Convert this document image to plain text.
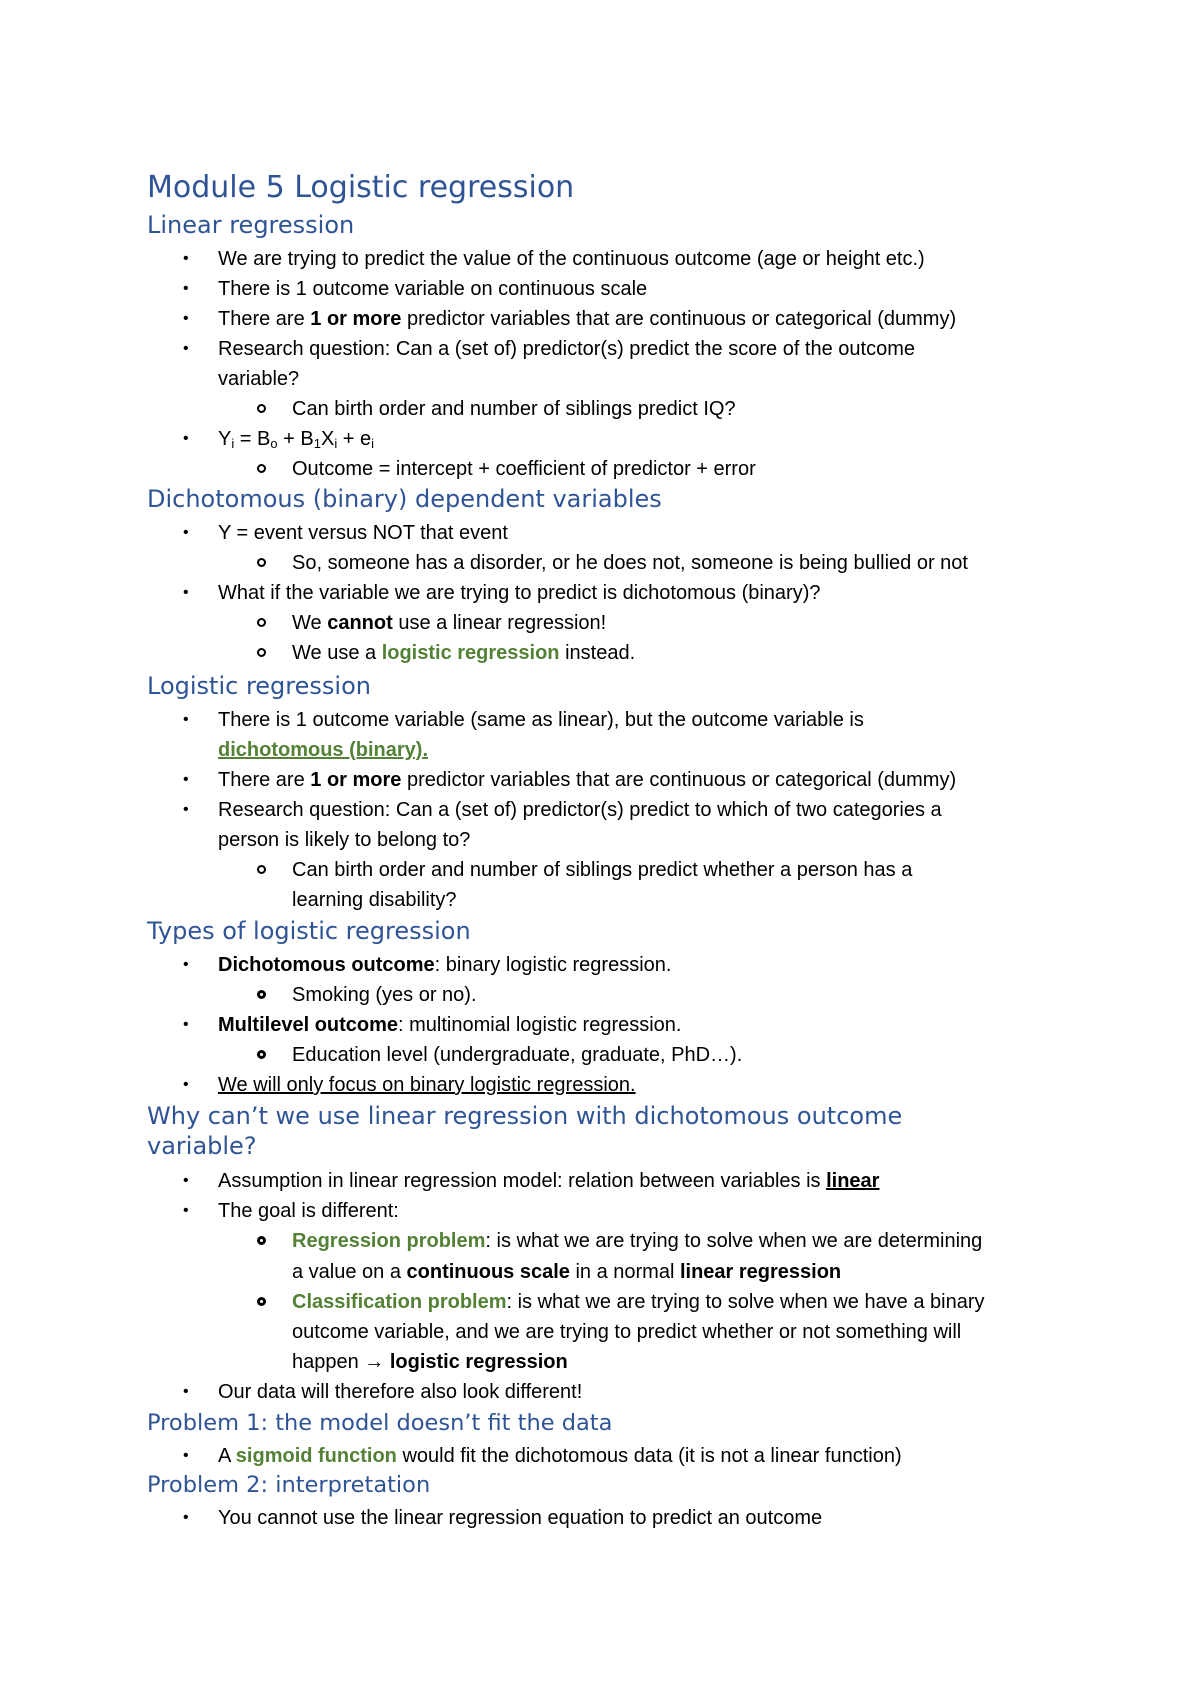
Module 5 Logistic regression
Linear regression
• We are trying to predict the value of the continuous outcome (age or height etc.)
• There is 1 outcome variable on continuous scale
• There are 1 or more predictor variables that are continuous or categorical (dummy)
• Research question: Can a (set of) predictor(s) predict the score of the outcome
variable?
Can birth order and number of siblings predict IQ?
• $Y_i = B_o + B_1X_i + e_i$
Outcome = intercept + coefficient of predictor + error
Dichotomous (binary) dependent variables
• Y = event versus NOT that event
So, someone has a disorder, or he does not, someone is being bullied or not
• What if the variable we are trying to predict is dichotomous (binary)?
We cannot use a linear regression!
We use a logistic regression instead.
Logistic regression
• There is 1 outcome variable (same as linear), but the outcome variable is
dichotomous (binary).
• There are 1 or more predictor variables that are continuous or categorical (dummy)
• Research question: Can a (set of) predictor(s) predict to which of two categories a
person is likely to belong to?
Can birth order and number of siblings predict whether a person has a
learning disability?
Types of logistic regression
• Dichotomous outcome: binary logistic regression.
Smoking (yes or no).
• Multilevel outcome: multinomial logistic regression.
Education level (undergraduate, graduate, PhD…).
• We will only focus on binary logistic regression.
Why can’t we use linear regression with dichotomous outcome
variable?
• Assumption in linear regression model: relation between variables is linear
• The goal is different:
Regression problem: is what we are trying to solve when we are determining
a value on a continuous scale in a normal linear regression
Classification problem: is what we are trying to solve when we have a binary
outcome variable, and we are trying to predict whether or not something will
happen → logistic regression
• Our data will therefore also look different!
Problem 1: the model doesn’t fit the data
• A sigmoid function would fit the dichotomous data (it is not a linear function)
Problem 2: interpretation
• You cannot use the linear regression equation to predict an outcome
